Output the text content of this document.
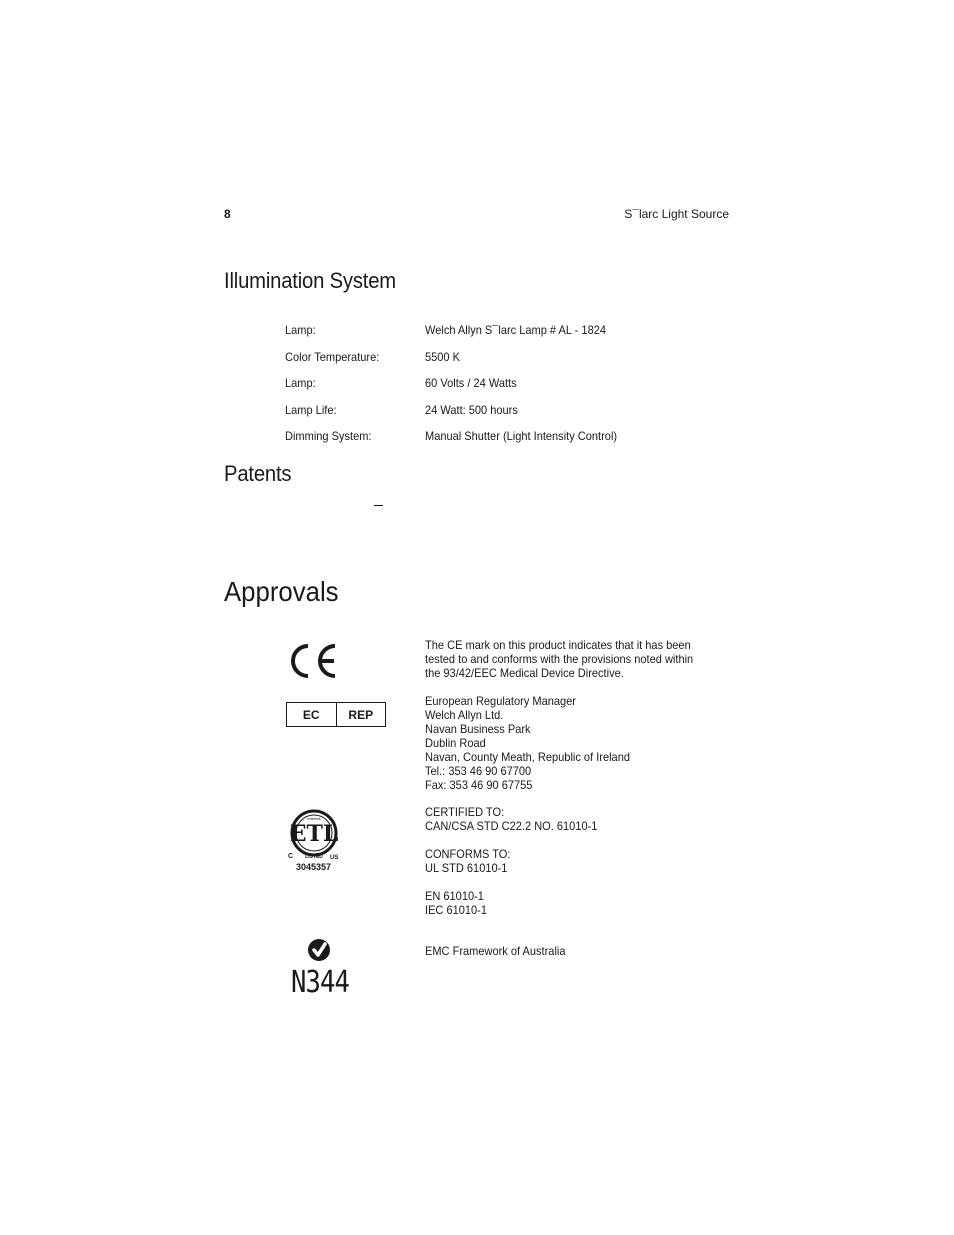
8	S¯larc Light Source
Illumination System
Lamp:	Welch Allyn S¯larc Lamp # AL - 1824
Color Temperature:	5500 K
Lamp:	60 Volts / 24 Watts
Lamp Life:	24 Watt: 500 hours
Dimming System:	Manual Shutter (Light Intensity Control)
Patents
Approvals
The CE mark on this product indicates that it has been
tested to and conforms with the provisions noted within
the 93/42/EEC Medical Device Directive.
EC	REP
European Regulatory Manager
Welch Allyn Ltd.
Navan Business Park
Dublin Road
Navan, County Meath, Republic of Ireland
Tel.: 353 46 90 67700
Fax: 353 46 90 67755
ETL
Intertek
C LISTED US
3045357
CERTIFIED TO:
CAN/CSA STD C22.2 NO. 61010-1
CONFORMS TO:
UL STD 61010-1
EN 61010-1
IEC 61010-1
N344
EMC Framework of Australia
